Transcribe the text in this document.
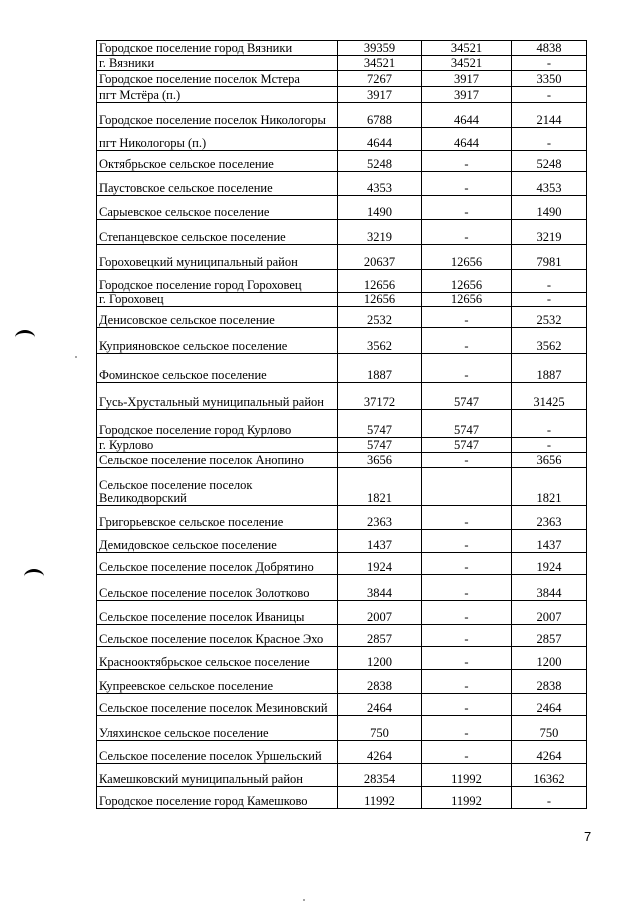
Городское поселение город Вязники	39359	34521	4838
г. Вязники	34521	34521	-
Городское поселение поселок Мстера	7267	3917	3350
пгт Мстёра (п.)	3917	3917	-
Городское поселение поселок Никологоры	6788	4644	2144
пгт Никологоры (п.)	4644	4644	-
Октябрьское сельское поселение	5248	-	5248
Паустовское сельское поселение	4353	-	4353
Сарыевское сельское поселение	1490	-	1490
Степанцевское сельское поселение	3219	-	3219
Гороховецкий муниципальный район	20637	12656	7981
Городское поселение город Гороховец	12656	12656	-
г. Гороховец	12656	12656	-
Денисовское сельское поселение	2532	-	2532
Куприяновское сельское поселение	3562	-	3562
Фоминское сельское поселение	1887	-	1887
Гусь-Хрустальный муниципальный район	37172	5747	31425
Городское поселение город Курлово	5747	5747	-
г. Курлово	5747	5747	-
Сельское поселение поселок Анопино	3656	-	3656
Сельское поселение поселок Великодворский	1821		1821
Григорьевское сельское поселение	2363	-	2363
Демидовское сельское поселение	1437	-	1437
Сельское поселение поселок Добрятино	1924	-	1924
Сельское поселение поселок Золотково	3844	-	3844
Сельское поселение поселок Иваницы	2007	-	2007
Сельское поселение поселок Красное Эхо	2857	-	2857
Краснооктябрьское сельское поселение	1200	-	1200
Купреевское сельское поселение	2838	-	2838
Сельское поселение поселок Мезиновский	2464	-	2464
Уляхинское сельское поселение	750	-	750
Сельское поселение поселок Уршельский	4264	-	4264
Камешковский муниципальный район	28354	11992	16362
Городское поселение город Камешково	11992	11992	-
7
